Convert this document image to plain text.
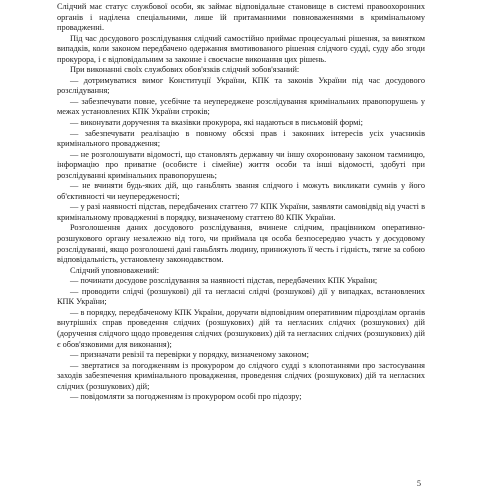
Слідчий має статус службової особи, як займає відповідальне становище в системі правоохоронних органів і наділена спеціальними, лише їй притаманними повноваженнями в кримінальному провадженні.

Під час досудового розслідування слідчий самостійно приймає процесуальні рішення, за винятком випадків, коли законом передбачено одержання вмотивованого рішення слідчого судді, суду або згоди прокурора, і є відповідальним за законне і своєчасне виконання цих рішень.

При виконанні своїх службових обов'язків слідчий зобов'язаний:

— дотримуватися вимог Конституції України, КПК та законів України під час досудового розслідування;

— забезпечувати повне, усебічне та неупереджене розслідування кримінальних правопорушень у межах установлених КПК України строків;

— виконувати доручення та вказівки прокурора, які надаються в письмовій формі;

— забезпечувати реалізацію в повному обсязі прав і законних інтересів усіх учасників кримінального провадження;

— не розголошувати відомості, що становлять державну чи іншу охоронювану законом таємницю, інформацію про приватне (особисте і сімейне) життя особи та інші відомості, здобуті при розслідуванні кримінальних правопорушень;

— не вчиняти будь-яких дій, що ганьблять звання слідчого і можуть викликати сумнів у його об'єктивності чи неупередженості;

— у разі наявності підстав, передбачених статтею 77 КПК України, заявляти самовідвід від участі в кримінальному провадженні в порядку, визначеному статтею 80 КПК України.

Розголошення даних досудового розслідування, вчинене слідчим, працівником оперативно-розшукового органу незалежно від того, чи приймала ця особа безпосередню участь у досудовому розслідуванні, якщо розголошені дані ганьблять людину, принижують її честь і гідність, тягне за собою відповідальність, установлену законодавством.

Слідчий уповноважений:

— починати досудове розслідування за наявності підстав, передбачених КПК України;

— проводити слідчі (розшукові) дії та негласні слідчі (розшукові) дії у випадках, встановлених КПК України;

— в порядку, передбаченому КПК України, доручати відповідним оперативним підрозділам органів внутрішніх справ проведення слідчих (розшукових) дій та негласних слідчих (розшукових) дій (доручення слідчого щодо проведення слідчих (розшукових) дій та негласних слідчих (розшукових) дій є обов'язковими для виконання);

— призначати ревізії та перевірки у порядку, визначеному законом;

— звертатися за погодженням із прокурором до слідчого судді з клопотаннями про застосування заходів забезпечення кримінального провадження, проведення слідчих (розшукових) дій та негласних слідчих (розшукових) дій;

— повідомляти за погодженням із прокурором особі про підозру;

5
